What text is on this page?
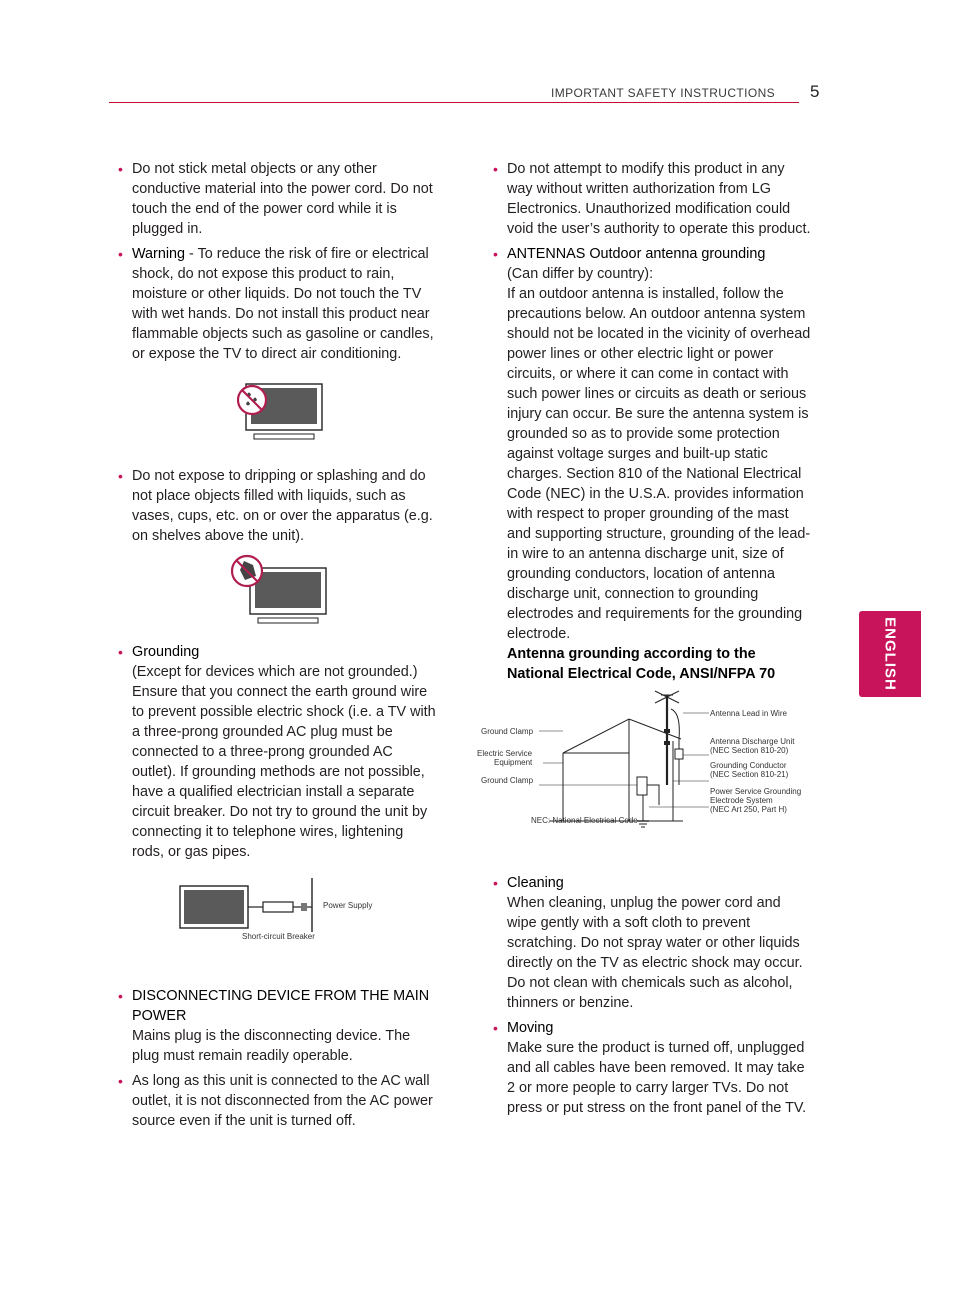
IMPORTANT SAFETY INSTRUCTIONS 5
ENGLISH
• Do not stick metal objects or any other conductive material into the power cord. Do not touch the end of the power cord while it is plugged in.
• Warning - To reduce the risk of fire or electrical shock, do not expose this product to rain, moisture or other liquids. Do not touch the TV with wet hands. Do not install this product near flammable objects such as gasoline or candles, or expose the TV to direct air conditioning.
• Do not expose to dripping or splashing and do not place objects filled with liquids, such as vases, cups, etc. on or over the apparatus (e.g. on shelves above the unit).
• Grounding
(Except for devices which are not grounded.) Ensure that you connect the earth ground wire to prevent possible electric shock (i.e. a TV with a three-prong grounded AC plug must be connected to a three-prong grounded AC outlet). If grounding methods are not possible, have a qualified electrician install a separate circuit breaker. Do not try to ground the unit by connecting it to telephone wires, lightening rods, or gas pipes.
Power Supply
Short-circuit Breaker
• DISCONNECTING DEVICE FROM THE MAIN POWER
Mains plug is the disconnecting device. The plug must remain readily operable.
• As long as this unit is connected to the AC wall outlet, it is not disconnected from the AC power source even if the unit is turned off.
• Do not attempt to modify this product in any way without written authorization from LG Electronics. Unauthorized modification could void the user’s authority to operate this product.
• ANTENNAS Outdoor antenna grounding
(Can differ by country):
If an outdoor antenna is installed, follow the precautions below. An outdoor antenna system should not be located in the vicinity of overhead power lines or other electric light or power circuits, or where it can come in contact with such power lines or circuits as death or serious injury can occur. Be sure the antenna system is grounded so as to provide some protection against voltage surges and built-up static charges. Section 810 of the National Electrical Code (NEC) in the U.S.A. provides information with respect to proper grounding of the mast and supporting structure, grounding of the lead-in wire to an antenna discharge unit, size of grounding conductors, location of antenna discharge unit, connection to grounding electrodes and requirements for the grounding electrode.
Antenna grounding according to the National Electrical Code, ANSI/NFPA 70
Antenna Lead in Wire
Ground Clamp
Electric Service
Equipment
Ground Clamp
Antenna Discharge Unit
(NEC Section 810-20)
Grounding Conductor
(NEC Section 810-21)
Power Service Grounding
Electrode System
(NEC Art 250, Part H)
NEC: National Electrical Code
• Cleaning
When cleaning, unplug the power cord and wipe gently with a soft cloth to prevent scratching. Do not spray water or other liquids directly on the TV as electric shock may occur. Do not clean with chemicals such as alcohol, thinners or benzine.
• Moving
Make sure the product is turned off, unplugged and all cables have been removed. It may take 2 or more people to carry larger TVs. Do not press or put stress on the front panel of the TV.
